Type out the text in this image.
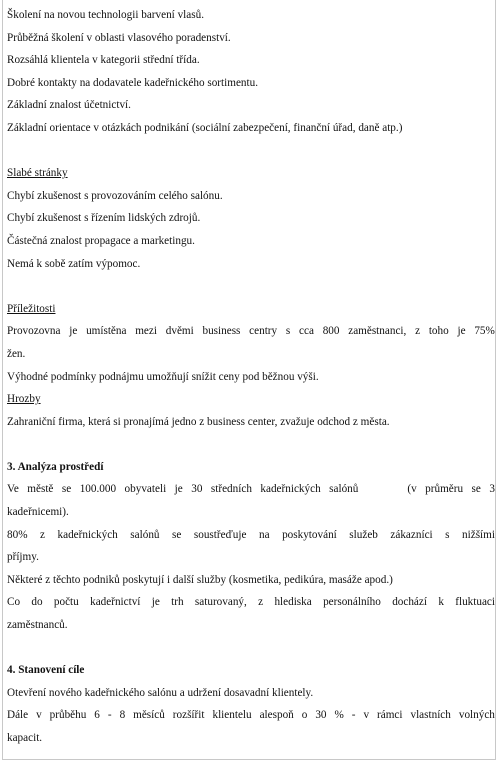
Školení na novou technologii barvení vlasů.
Průběžná školení v oblasti vlasového poradenství.
Rozsáhlá klientela v kategorii střední třída.
Dobré kontakty na dodavatele kadeřnického sortimentu.
Základní znalost účetnictví.
Základní orientace v otázkách podnikání (sociální zabezpečení, finanční úřad, daně atp.)
Slabé stránky
Chybí zkušenost s provozováním celého salónu.
Chybí zkušenost s řízením lidských zdrojů.
Částečná znalost propagace a marketingu.
Nemá k sobě zatím výpomoc.
Příležitosti
Provozovna je umístěna mezi dvěmi business centry s cca 800 zaměstnanci, z toho je 75%
žen.
Výhodné podmínky podnájmu umožňují snížit ceny pod běžnou výši.
Hrozby
Zahraniční firma, která si pronajímá jedno z business center, zvažuje odchod z města.
3. Analýza prostředí
Ve městě se 100.000 obyvateli je 30 středních kadeřnických salónů	(v průměru se 3
kadeřnicemi).
80% z kadeřnických salónů se soustřeďuje na poskytování služeb zákazníci s nižšími
příjmy.
Některé z těchto podniků poskytují i další služby (kosmetika, pedikúra, masáže apod.)
Co do počtu kadeřnictví je trh saturovaný, z hlediska personálního dochází k fluktuaci
zaměstnanců.
4. Stanovení cíle
Otevření nového kadeřnického salónu a udržení dosavadní klientely.
Dále v průběhu 6 - 8 měsíců rozšířit klientelu alespoň o 30 % - v rámci vlastních volných
kapacit.
